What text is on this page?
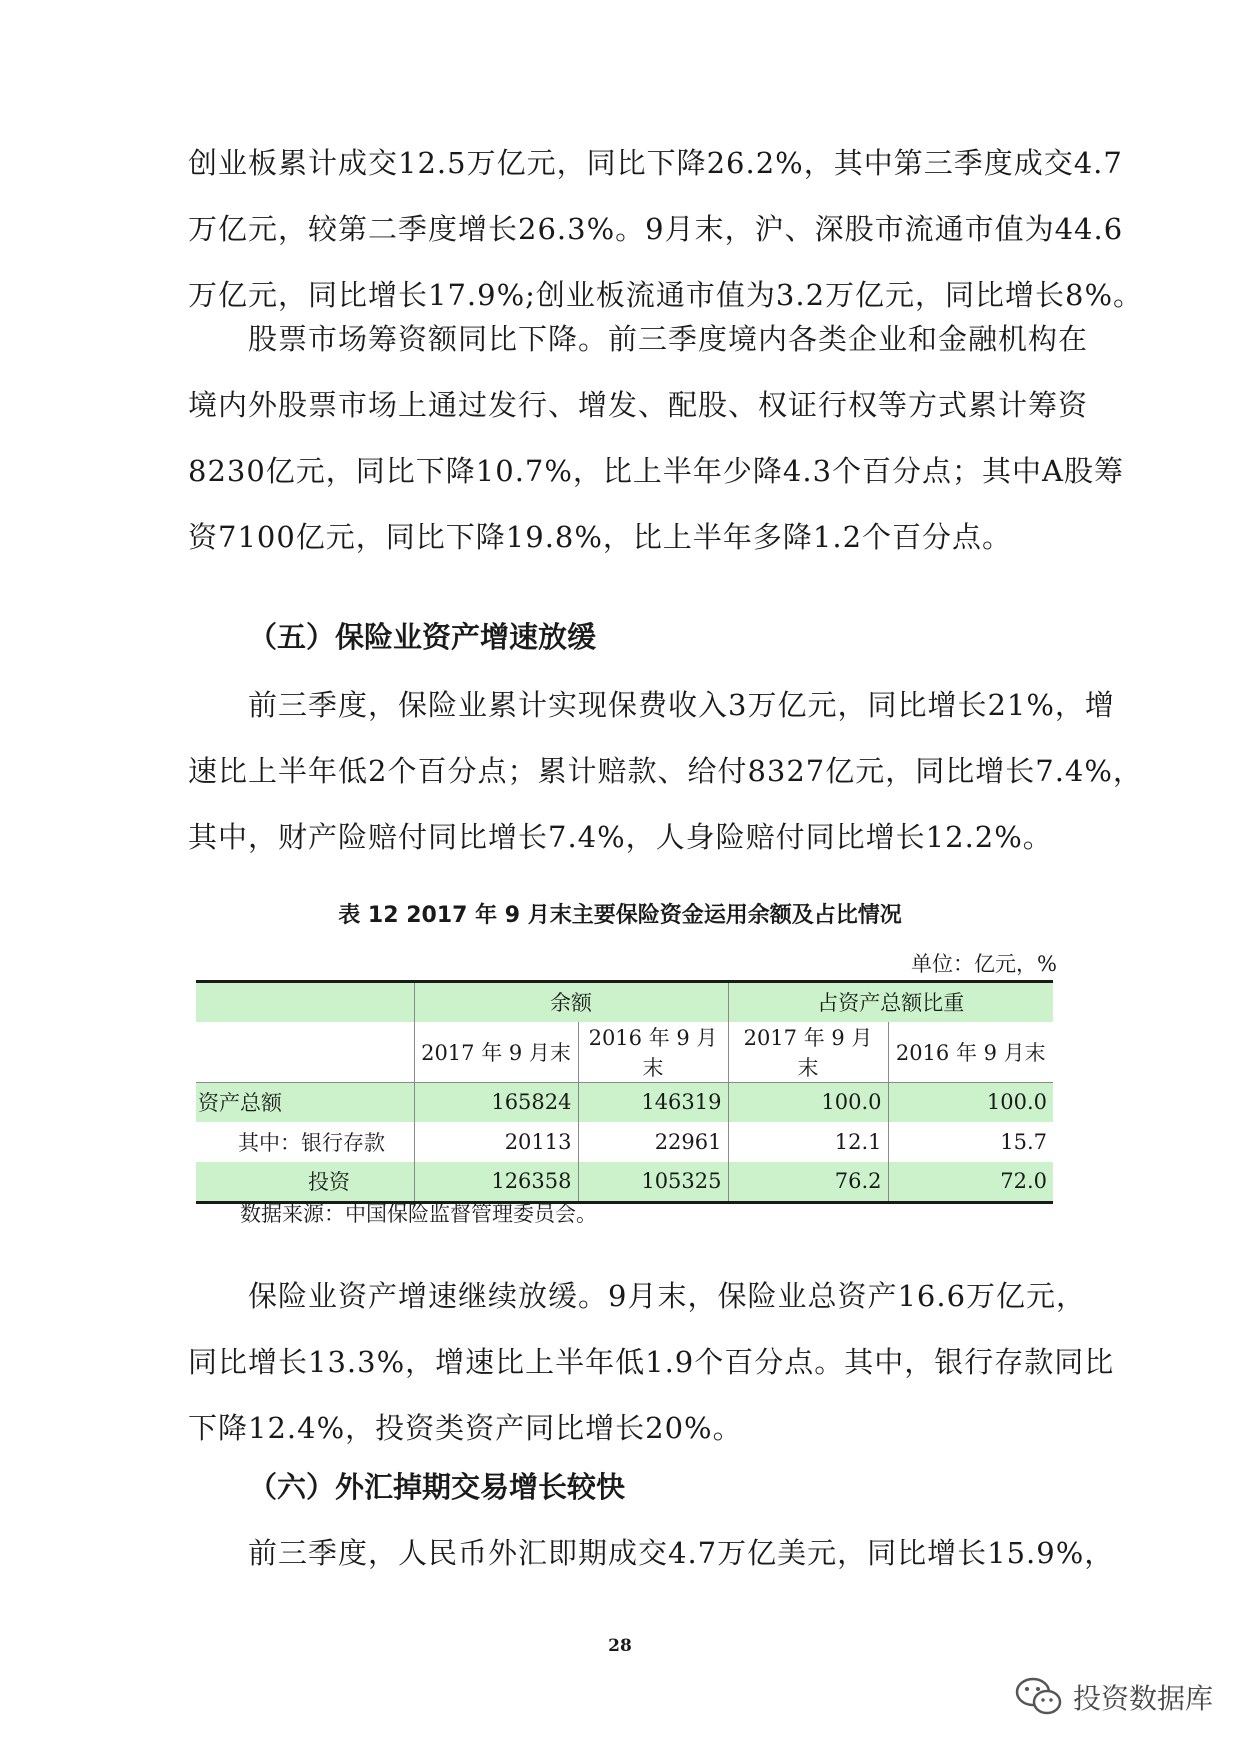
创业板累计成交12.5万亿元，同比下降26.2%，其中第三季度成交4.7
万亿元，较第二季度增长26.3%。9月末，沪、深股市流通市值为44.6
万亿元，同比增长17.9%;创业板流通市值为3.2万亿元，同比增长8%。

　　股票市场筹资额同比下降。前三季度境内各类企业和金融机构在
境内外股票市场上通过发行、增发、配股、权证行权等方式累计筹资
8230亿元，同比下降10.7%，比上半年少降4.3个百分点；其中A股筹
资7100亿元，同比下降19.8%，比上半年多降1.2个百分点。

（五）保险业资产增速放缓

　　前三季度，保险业累计实现保费收入3万亿元，同比增长21%，增
速比上半年低2个百分点；累计赔款、给付8327亿元，同比增长7.4%，
其中，财产险赔付同比增长7.4%，人身险赔付同比增长12.2%。

表 12 2017 年 9 月末主要保险资金运用余额及占比情况
单位：亿元，%
	余额		占资产总额比重	
	2017 年 9 月末	2016 年 9 月末	2017 年 9 月末	2016 年 9 月末
资产总额	165824	146319	100.0	100.0
其中：银行存款	20113	22961	12.1	15.7
投资	126358	105325	76.2	72.0
数据来源：中国保险监督管理委员会。

　　保险业资产增速继续放缓。9月末，保险业总资产16.6万亿元，
同比增长13.3%，增速比上半年低1.9个百分点。其中，银行存款同比
下降12.4%，投资类资产同比增长20%。

（六）外汇掉期交易增长较快

　　前三季度，人民币外汇即期成交4.7万亿美元，同比增长15.9%，

28
投资数据库
